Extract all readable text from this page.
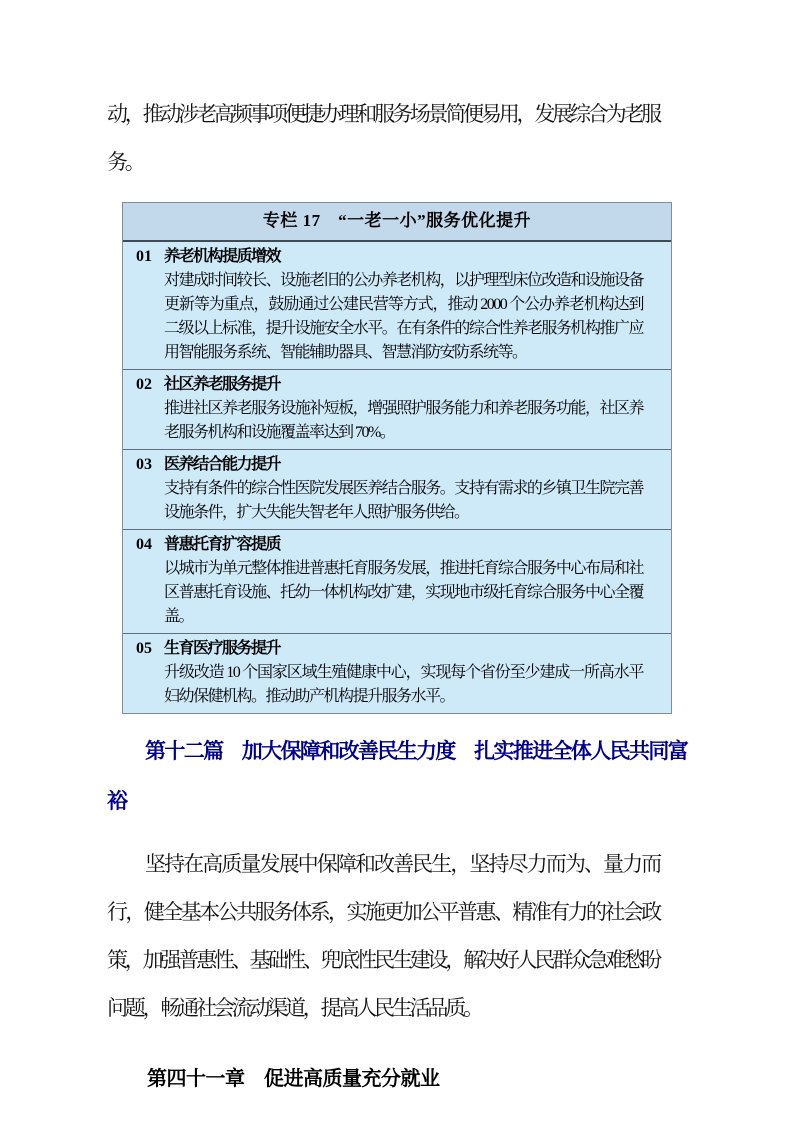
动，推动涉老高频事项便捷办理和服务场景简便易用，发展综合为老服务。

专栏 17　“一老一小”服务优化提升
01 养老机构提质增效
对建成时间较长、设施老旧的公办养老机构，以护理型床位改造和设施设备更新等为重点，鼓励通过公建民营等方式，推动 2000 个公办养老机构达到二级以上标准，提升设施安全水平。在有条件的综合性养老服务机构推广应用智能服务系统、智能辅助器具、智慧消防安防系统等。
02 社区养老服务提升
推进社区养老服务设施补短板，增强照护服务能力和养老服务功能，社区养老服务机构和设施覆盖率达到 70%。
03 医养结合能力提升
支持有条件的综合性医院发展医养结合服务。支持有需求的乡镇卫生院完善设施条件，扩大失能失智老年人照护服务供给。
04 普惠托育扩容提质
以城市为单元整体推进普惠托育服务发展，推进托育综合服务中心布局和社区普惠托育设施、托幼一体机构改扩建，实现地市级托育综合服务中心全覆盖。
05 生育医疗服务提升
升级改造 10 个国家区域生殖健康中心，实现每个省份至少建成一所高水平妇幼保健机构。推动助产机构提升服务水平。
第十二篇　加大保障和改善民生力度　扎实推进全体人民共同富裕

坚持在高质量发展中保障和改善民生，坚持尽力而为、量力而行，健全基本公共服务体系，实施更加公平普惠、精准有力的社会政策，加强普惠性、基础性、兜底性民生建设，解决好人民群众急难愁盼问题，畅通社会流动渠道，提高人民生活品质。

第四十一章　促进高质量充分就业
